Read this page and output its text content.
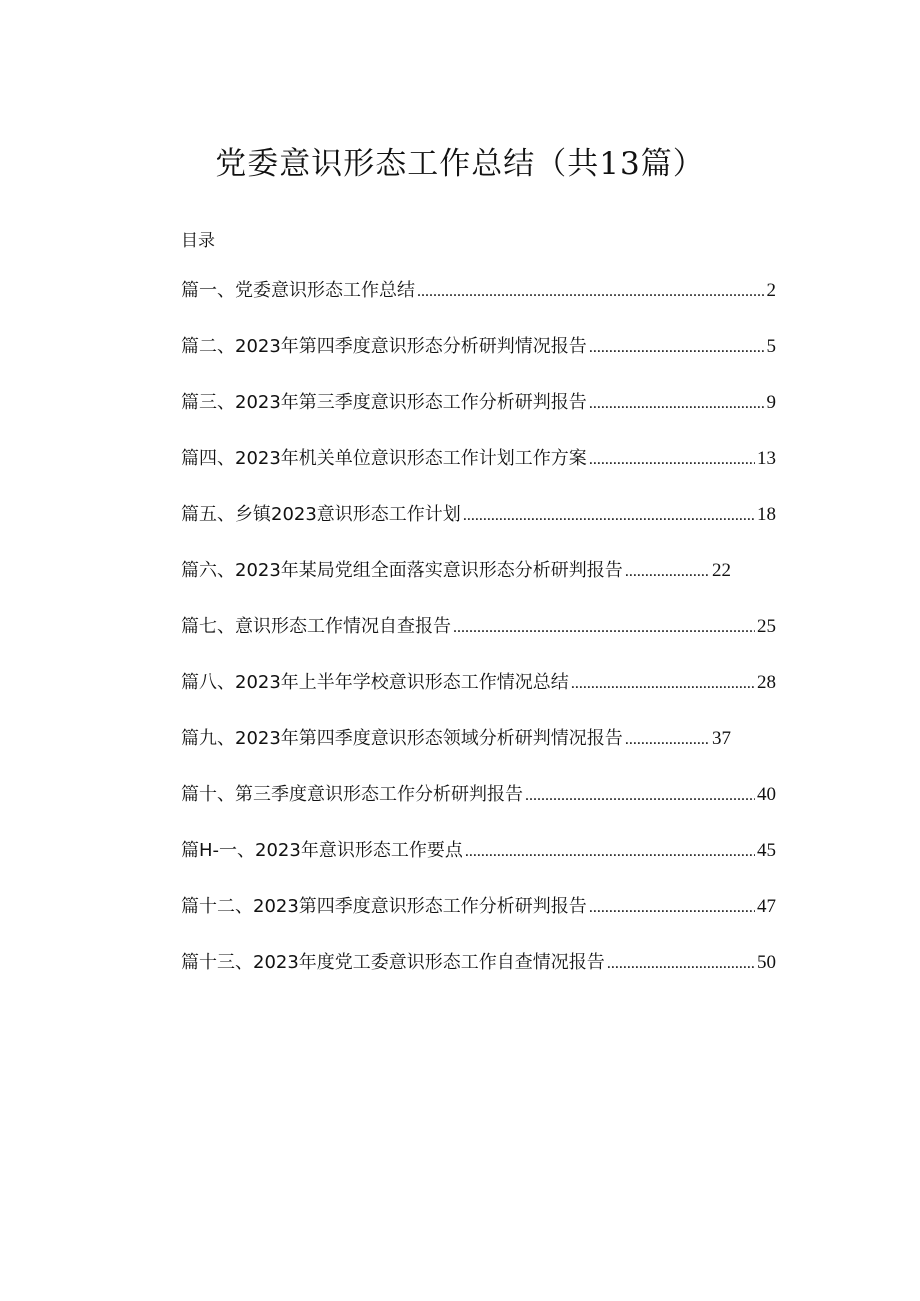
党委意识形态工作总结（共13篇）
目录
篇一、党委意识形态工作总结 .....	2
篇二、2023年第四季度意识形态分析研判情况报告 .....	5
篇三、2023年第三季度意识形态工作分析研判报告 .....	9
篇四、2023年机关单位意识形态工作计划工作方案 .....	13
篇五、乡镇2023意识形态工作计划 .....	18
篇六、2023年某局党组全面落实意识形态分析研判报告 .....	22
篇七、意识形态工作情况自查报告 .....	25
篇八、2023年上半年学校意识形态工作情况总结 .....	28
篇九、2023年第四季度意识形态领域分析研判情况报告 .....	37
篇十、第三季度意识形态工作分析研判报告 .....	40
篇H-一、2023年意识形态工作要点 .....	45
篇十二、2023第四季度意识形态工作分析研判报告 .....	47
篇十三、2023年度党工委意识形态工作自查情况报告 .....	50
